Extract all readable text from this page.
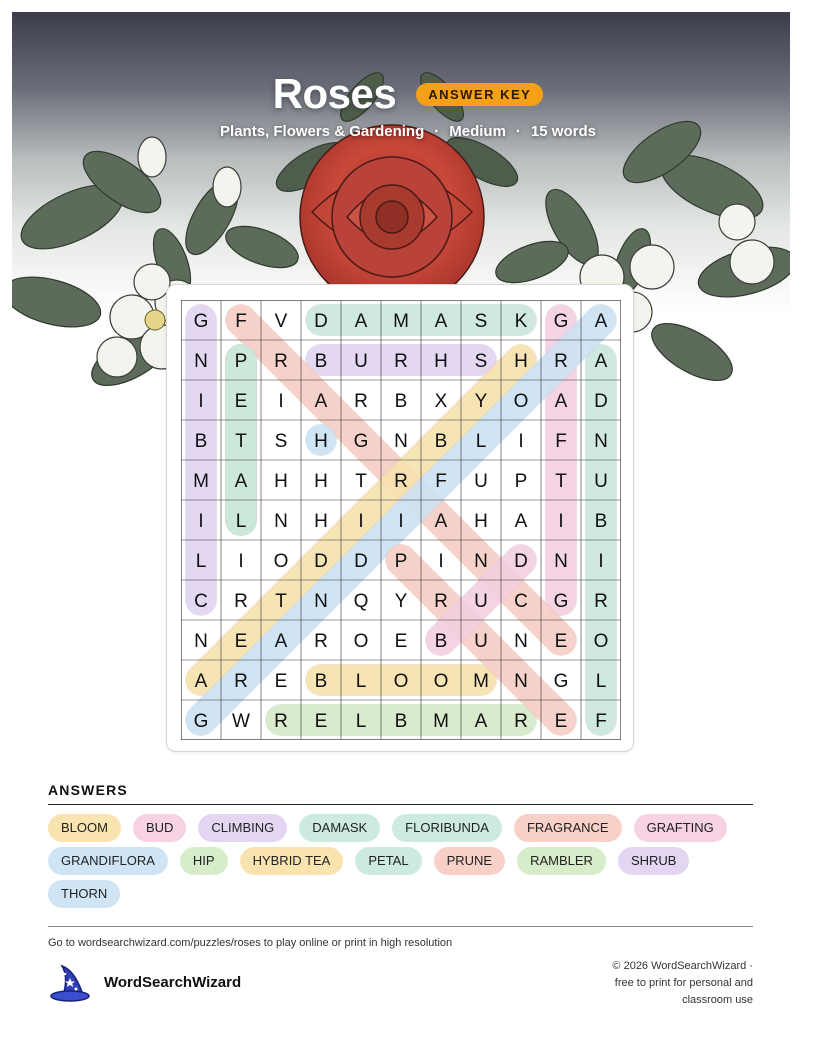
Roses	ANSWER KEY
Plants, Flowers & Gardening · Medium · 15 words
G F V D A M A S K G A
N P R B U R H S H R A
I E I A R B X Y O A D
B T S H G N B L I F N
M A H H T R F U P T U
I L N H I I A H A I B
L I O D D P I N D N I
C R T N Q Y R U C G R
N E A R O E B U N E O
A R E B L O O M N G L
G W R E L B M A R E F
ANSWERS
BLOOM	BUD	CLIMBING	DAMASK	FLORIBUNDA	FRAGRANCE	GRAFTING
GRANDIFLORA	HIP	HYBRID TEA	PETAL	PRUNE	RAMBLER	SHRUB
THORN
Go to wordsearchwizard.com/puzzles/roses to play online or print in high resolution
WordSearchWizard
© 2026 WordSearchWizard ·
free to print for personal and
classroom use
